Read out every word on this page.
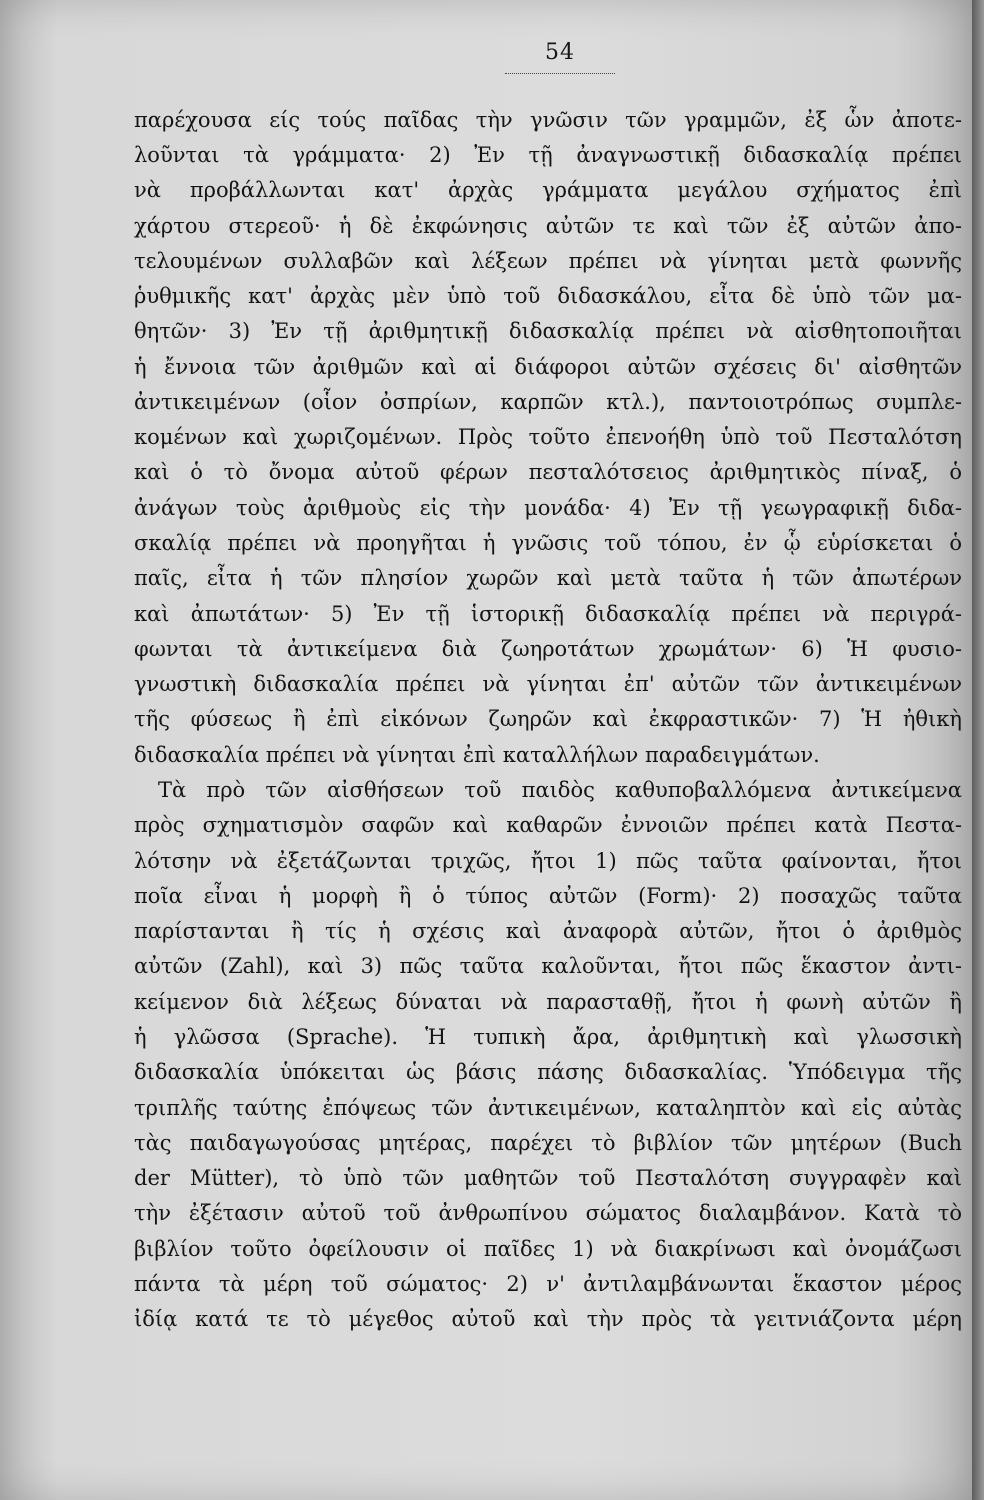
54

παρέχουσα είς τούς παῖδας τὴν γνῶσιν τῶν γραμμῶν, ἐξ ὧν ἀποτε-

λοῦνται τὰ γράμματα· 2) Ἐν τῇ ἀναγνωστικῇ διδασκαλίᾳ πρέπει

νὰ προβάλλωνται κατ' ἀρχὰς γράμματα μεγάλου σχήματος ἐπὶ

χάρτου στερεοῦ· ἡ δὲ ἐκφώνησις αὐτῶν τε καὶ τῶν ἐξ αὐτῶν ἀπο-

τελουμένων συλλαβῶν καὶ λέξεων πρέπει νὰ γίνηται μετὰ φωννῆς

ῥυθμικῆς κατ' ἀρχὰς μὲν ὑπὸ τοῦ διδασκάλου, εἶτα δὲ ὑπὸ τῶν μα-

θητῶν· 3) Ἐν τῇ ἀριθμητικῇ διδασκαλίᾳ πρέπει νὰ αἰσθητοποιῆται

ἡ ἔννοια τῶν ἀριθμῶν καὶ αἱ διάφοροι αὐτῶν σχέσεις δι' αἰσθητῶν

ἀντικειμένων (οἷον ὀσπρίων, καρπῶν κτλ.), παντοιοτρόπως συμπλε-

κομένων καὶ χωριζομένων. Πρὸς τοῦτο ἐπενοήθη ὑπὸ τοῦ Πεσταλότση

καὶ ὁ τὸ ὄνομα αὐτοῦ φέρων πεσταλότσειος ἀριθμητικὸς πίναξ, ὁ

ἀνάγων τοὺς ἀριθμοὺς εἰς τὴν μονάδα· 4) Ἐν τῇ γεωγραφικῇ διδα-

σκαλίᾳ πρέπει νὰ προηγῆται ἡ γνῶσις τοῦ τόπου, ἐν ᾧ εὑρίσκεται ὁ

παῖς, εἶτα ἡ τῶν πλησίον χωρῶν καὶ μετὰ ταῦτα ἡ τῶν ἀπωτέρων

καὶ ἀπωτάτων· 5) Ἐν τῇ ἱστορικῇ διδασκαλίᾳ πρέπει νὰ περιγρά-

φωνται τὰ ἀντικείμενα διὰ ζωηροτάτων χρωμάτων· 6) Ἡ φυσιο-

γνωστικὴ διδασκαλία πρέπει νὰ γίνηται ἐπ' αὐτῶν τῶν ἀντικειμένων

τῆς φύσεως ἢ ἐπὶ εἰκόνων ζωηρῶν καὶ ἐκφραστικῶν· 7) Ἡ ἠθικὴ

διδασκαλία πρέπει νὰ γίνηται ἐπὶ καταλλήλων παραδειγμάτων.

Τὰ πρὸ τῶν αἰσθήσεων τοῦ παιδὸς καθυποβαλλόμενα ἀντικείμενα

πρὸς σχηματισμὸν σαφῶν καὶ καθαρῶν ἐννοιῶν πρέπει κατὰ Πεστα-

λότσην νὰ ἐξετάζωνται τριχῶς, ἤτοι 1) πῶς ταῦτα φαίνονται, ἤτοι

ποῖα εἶναι ἡ μορφὴ ἢ ὁ τύπος αὐτῶν (Form)· 2) ποσαχῶς ταῦτα

παρίστανται ἢ τίς ἡ σχέσις καὶ ἀναφορὰ αὐτῶν, ἤτοι ὁ ἀριθμὸς

αὐτῶν (Zahl), καὶ 3) πῶς ταῦτα καλοῦνται, ἤτοι πῶς ἕκαστον ἀντι-

κείμενον διὰ λέξεως δύναται νὰ παρασταθῇ, ἤτοι ἡ φωνὴ αὐτῶν ἢ

ἡ γλῶσσα (Sprache). Ἡ τυπικὴ ἄρα, ἀριθμητικὴ καὶ γλωσσικὴ

διδασκαλία ὑπόκειται ὡς βάσις πάσης διδασκαλίας. Ὑπόδειγμα τῆς

τριπλῆς ταύτης ἐπόψεως τῶν ἀντικειμένων, καταληπτὸν καὶ εἰς αὐτὰς

τὰς παιδαγωγούσας μητέρας, παρέχει τὸ βιβλίον τῶν μητέρων (Buch

der Mütter), τὸ ὑπὸ τῶν μαθητῶν τοῦ Πεσταλότση συγγραφὲν καὶ

τὴν ἐξέτασιν αὐτοῦ τοῦ ἀνθρωπίνου σώματος διαλαμβάνον. Κατὰ τὸ

βιβλίον τοῦτο ὀφείλουσιν οἱ παῖδες 1) νὰ διακρίνωσι καὶ ὀνομάζωσι

πάντα τὰ μέρη τοῦ σώματος· 2) ν' ἀντιλαμβάνωνται ἕκαστον μέρος

ἰδίᾳ κατά τε τὸ μέγεθος αὐτοῦ καὶ τὴν πρὸς τὰ γειτνιάζοντα μέρη
